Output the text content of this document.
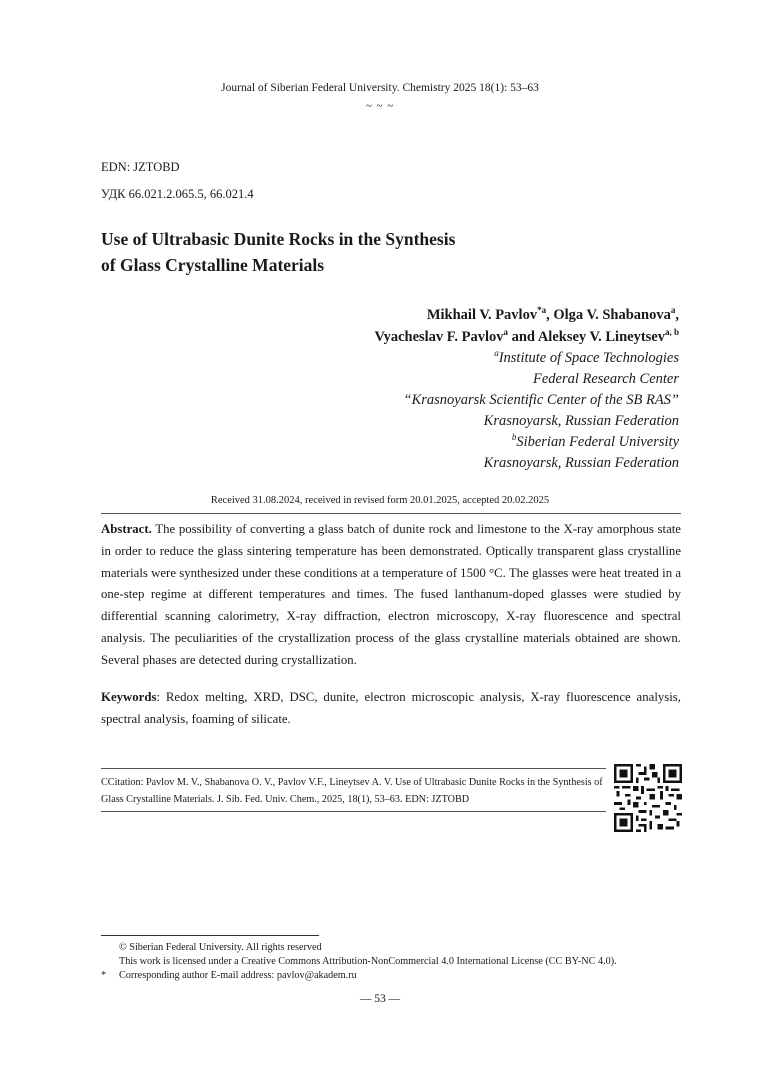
Journal of Siberian Federal University. Chemistry 2025 18(1): 53–63
~ ~ ~
EDN: JZTOBD
УДК 66.021.2.065.5, 66.021.4
Use of Ultrabasic Dunite Rocks in the Synthesis
of Glass Crystalline Materials
Mikhail V. Pavlov$^{*a}$, Olga V. Shabanova$^a$,
Vyacheslav F. Pavlov$^a$ and Aleksey V. Lineytsev$^{a, b}$
$^a$Institute of Space Technologies
Federal Research Center
“Krasnoyarsk Scientific Center of the SB RAS”
Krasnoyarsk, Russian Federation
$^b$Siberian Federal University
Krasnoyarsk, Russian Federation
Received 31.08.2024, received in revised form 20.01.2025, accepted 20.02.2025
Abstract. The possibility of converting a glass batch of dunite rock and limestone to the X-ray amorphous state in order to reduce the glass sintering temperature has been demonstrated. Optically transparent glass crystalline materials were synthesized under these conditions at a temperature of 1500 °C. The glasses were heat treated in a one-step regime at different temperatures and times. The fused lanthanum-doped glasses were studied by differential scanning calorimetry, X-ray diffraction, electron microscopy, X-ray fluorescence and spectral analysis. The peculiarities of the crystallization process of the glass crystalline materials obtained are shown. Several phases are detected during crystallization.
Keywords: Redox melting, XRD, DSC, dunite, electron microscopic analysis, X-ray fluorescence analysis, spectral analysis, foaming of silicate.
CCitation: Pavlov M. V., Shabanova O. V., Pavlov V.F., Lineytsev A. V. Use of Ultrabasic Dunite Rocks in the Synthesis of Glass Crystalline Materials. J. Sib. Fed. Univ. Chem., 2025, 18(1), 53–63. EDN: JZTOBD
© Siberian Federal University. All rights reserved
This work is licensed under a Creative Commons Attribution-NonCommercial 4.0 International License (CC BY-NC 4.0).
* Corresponding author E-mail address: pavlov@akadem.ru
— 53 —
